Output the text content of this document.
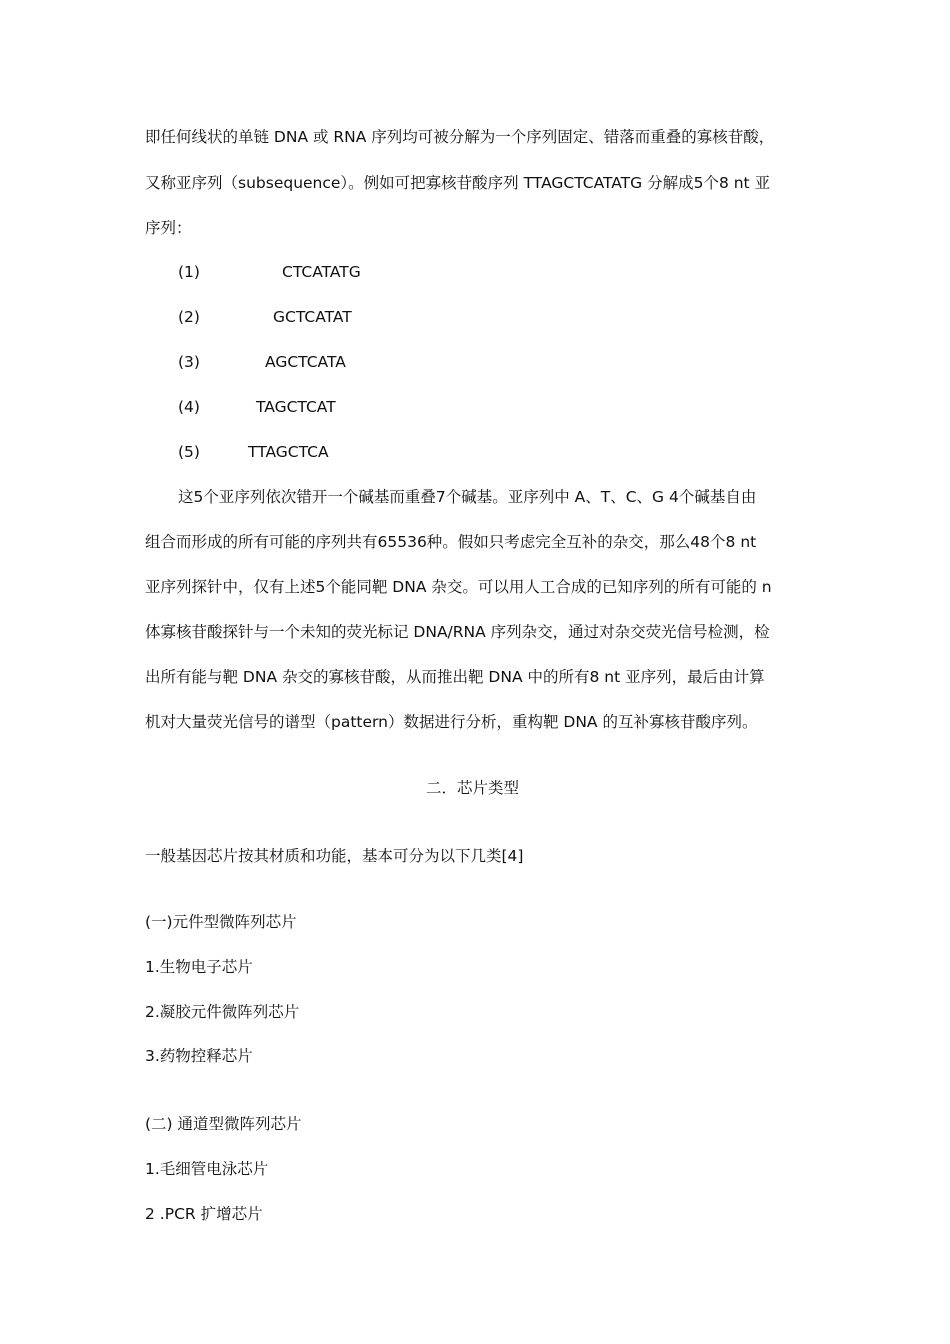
即任何线状的单链 DNA 或 RNA 序列均可被分解为一个序列固定、错落而重叠的寡核苷酸，
又称亚序列（subsequence）。例如可把寡核苷酸序列 TTAGCTCATATG 分解成5个8 nt 亚
序列：
(1)	CTCATATG
(2)	GCTCATAT
(3)	AGCTCATA
(4)	TAGCTCAT
(5)	TTAGCTCA
这5个亚序列依次错开一个碱基而重叠7个碱基。亚序列中 A、T、C、G 4个碱基自由
组合而形成的所有可能的序列共有65536种。假如只考虑完全互补的杂交，那么48个8 nt
亚序列探针中，仅有上述5个能同靶 DNA 杂交。可以用人工合成的已知序列的所有可能的 n
体寡核苷酸探针与一个未知的荧光标记 DNA/RNA 序列杂交，通过对杂交荧光信号检测，检
出所有能与靶 DNA 杂交的寡核苷酸，从而推出靶 DNA 中的所有8 nt 亚序列，最后由计算
机对大量荧光信号的谱型（pattern）数据进行分析，重构靶 DNA 的互补寡核苷酸序列。
二．芯片类型
一般基因芯片按其材质和功能，基本可分为以下几类[4]
(一)元件型微阵列芯片
1.生物电子芯片
2.凝胶元件微阵列芯片
3.药物控释芯片
(二) 通道型微阵列芯片
1.毛细管电泳芯片
2 .PCR 扩增芯片
